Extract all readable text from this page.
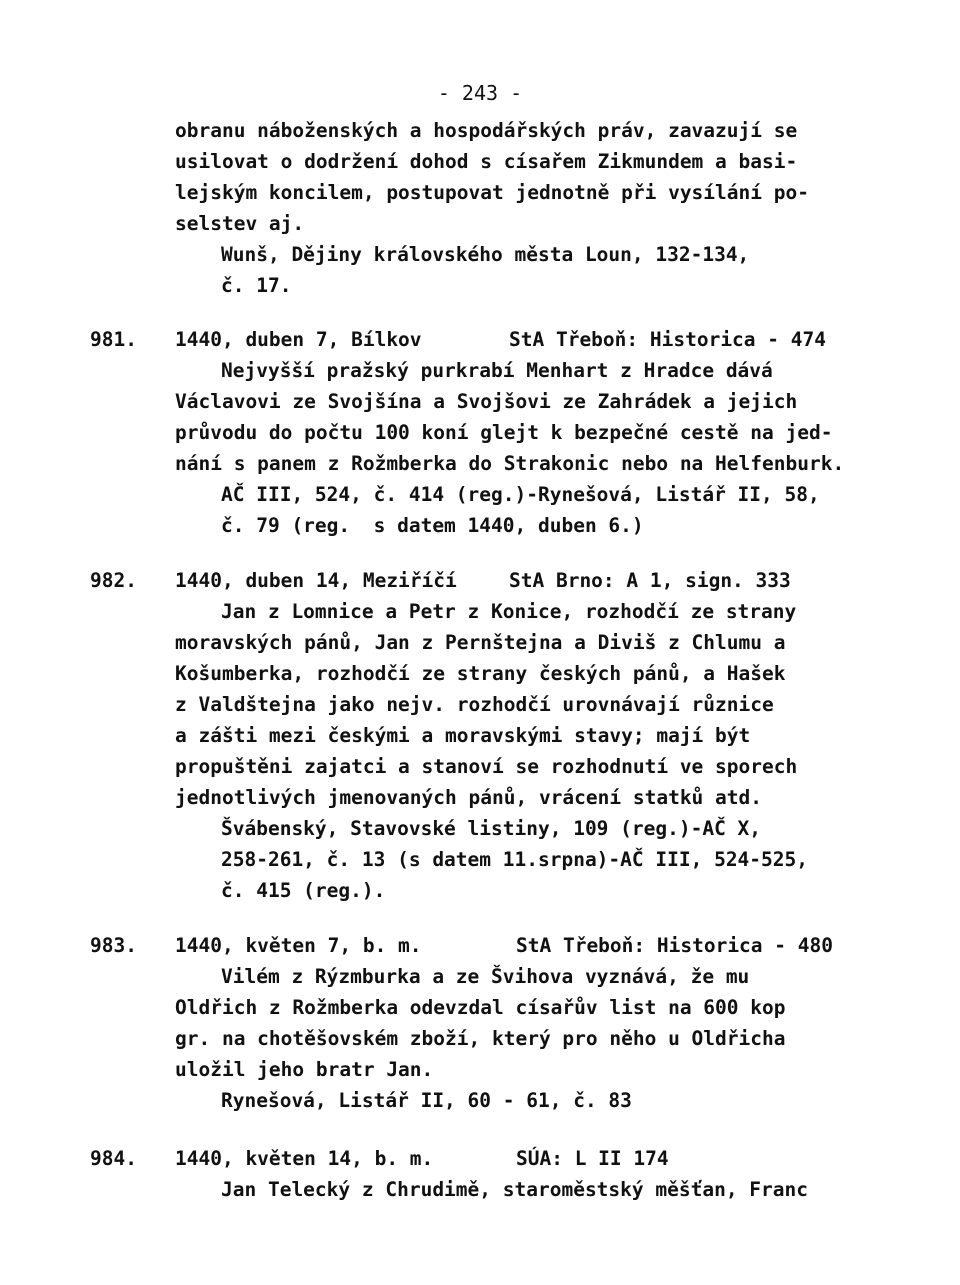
- 243 -
obranu náboženských a hospodářských práv, zavazují se
usilovat o dodržení dohod s císařem Zikmundem a basi-
lejským koncilem, postupovat jednotně při vysílání po-
selstev aj.
Wunš, Dějiny královského města Loun, 132-134,
č. 17.
981. 1440, duben 7, Bílkov	StA Třeboň: Historica - 474
Nejvyšší pražský purkrabí Menhart z Hradce dává
Václavovi ze Svojšína a Svojšovi ze Zahrádek a jejich
průvodu do počtu 100 koní glejt k bezpečné cestě na jed-
nání s panem z Rožmberka do Strakonic nebo na Helfenburk.
AČ III, 524, č. 414 (reg.)-Rynešová, Listář II, 58,
č. 79 (reg.  s datem 1440, duben 6.)
982. 1440, duben 14, Meziříčí	StA Brno: A 1, sign. 333
Jan z Lomnice a Petr z Konice, rozhodčí ze strany
moravských pánů, Jan z Pernštejna a Diviš z Chlumu a
Košumberka, rozhodčí ze strany českých pánů, a Hašek
z Valdštejna jako nejv. rozhodčí urovnávají různice
a zášti mezi českými a moravskými stavy; mají být
propuštěni zajatci a stanoví se rozhodnutí ve sporech
jednotlivých jmenovaných pánů, vrácení statků atd.
Švábenský, Stavovské listiny, 109 (reg.)-AČ X,
258-261, č. 13 (s datem 11.srpna)-AČ III, 524-525,
č. 415 (reg.).
983. 1440, květen 7, b. m.	StA Třeboň: Historica - 480
Vilém z Rýzmburka a ze Švihova vyznává, že mu
Oldřich z Rožmberka odevzdal císařův list na 600 kop
gr. na chotěšovském zboží, který pro něho u Oldřicha
uložil jeho bratr Jan.
Rynešová, Listář II, 60 - 61, č. 83
984. 1440, květen 14, b. m.	SÚA: L II 174
Jan Telecký z Chrudimě, staroměstský měšťan, Franc
